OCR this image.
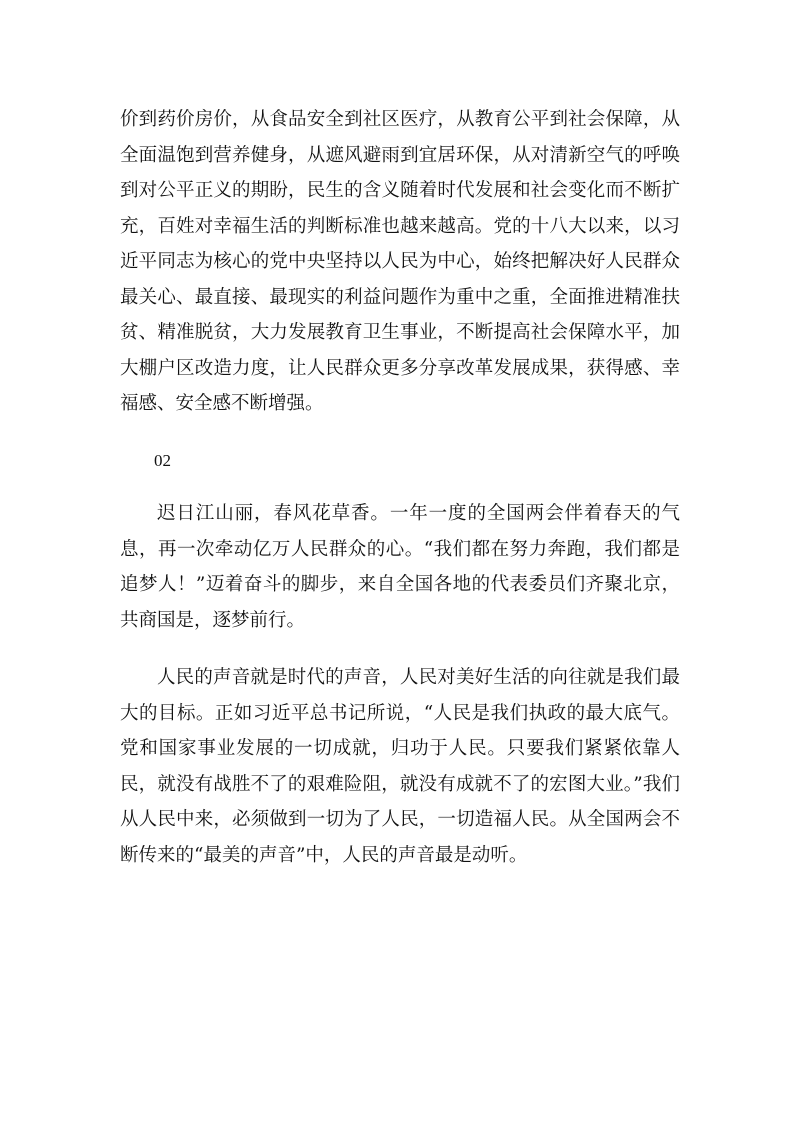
价到药价房价，从食品安全到社区医疗，从教育公平到社会保障，从全面温饱到营养健身，从遮风避雨到宜居环保，从对清新空气的呼唤到对公平正义的期盼，民生的含义随着时代发展和社会变化而不断扩充，百姓对幸福生活的判断标准也越来越高。党的十八大以来，以习近平同志为核心的党中央坚持以人民为中心，始终把解决好人民群众最关心、最直接、最现实的利益问题作为重中之重，全面推进精准扶贫、精准脱贫，大力发展教育卫生事业，不断提高社会保障水平，加大棚户区改造力度，让人民群众更多分享改革发展成果，获得感、幸福感、安全感不断增强。

02

迟日江山丽，春风花草香。一年一度的全国两会伴着春天的气息，再一次牵动亿万人民群众的心。“我们都在努力奔跑，我们都是追梦人！”迈着奋斗的脚步，来自全国各地的代表委员们齐聚北京，共商国是，逐梦前行。

人民的声音就是时代的声音，人民对美好生活的向往就是我们最大的目标。正如习近平总书记所说，“人民是我们执政的最大底气。党和国家事业发展的一切成就，归功于人民。只要我们紧紧依靠人民，就没有战胜不了的艰难险阻，就没有成就不了的宏图大业。”我们从人民中来，必须做到一切为了人民，一切造福人民。从全国两会不断传来的“最美的声音”中，人民的声音最是动听。
